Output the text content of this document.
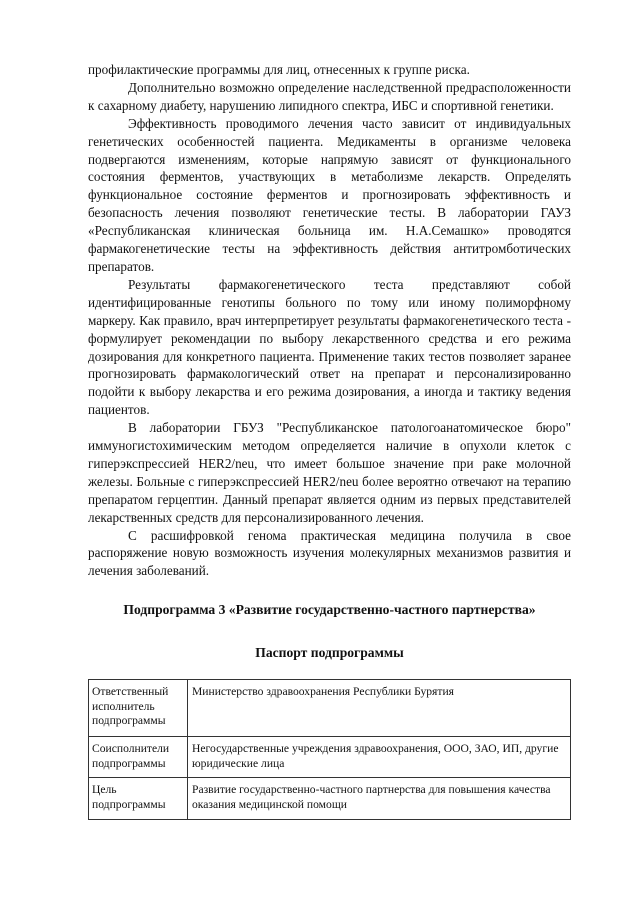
профилактические программы для лиц, отнесенных к группе риска.

Дополнительно возможно определение наследственной предрасположенности к сахарному диабету, нарушению липидного спектра, ИБС и спортивной генетики.

Эффективность проводимого лечения часто зависит от индивидуальных генетических особенностей пациента. Медикаменты в организме человека подвергаются изменениям, которые напрямую зависят от функционального состояния ферментов, участвующих в метаболизме лекарств. Определять функциональное состояние ферментов и прогнозировать эффективность и безопасность лечения позволяют генетические тесты. В лаборатории ГАУЗ «Республиканская клиническая больница им. Н.А.Семашко» проводятся фармакогенетические тесты на эффективность действия антитромботических препаратов.

Результаты фармакогенетического теста представляют собой идентифицированные генотипы больного по тому или иному полиморфному маркеру. Как правило, врач интерпретирует результаты фармакогенетического теста - формулирует рекомендации по выбору лекарственного средства и его режима дозирования для конкретного пациента. Применение таких тестов позволяет заранее прогнозировать фармакологический ответ на препарат и персонализированно подойти к выбору лекарства и его режима дозирования, а иногда и тактику ведения пациентов.

В лаборатории ГБУЗ "Республиканское патологоанатомическое бюро" иммуногистохимическим методом определяется наличие в опухоли клеток с гиперэкспрессией HER2/neu, что имеет большое значение при раке молочной железы. Больные с гиперэкспрессией HER2/neu более вероятно отвечают на терапию препаратом герцептин. Данный препарат является одним из первых представителей лекарственных средств для персонализированного лечения.

С расшифровкой генома практическая медицина получила в свое распоряжение новую возможность изучения молекулярных механизмов развития и лечения заболеваний.

Подпрограмма 3 «Развитие государственно-частного партнерства»

Паспорт подпрограммы

Ответственный исполнитель подпрограммы	Министерство здравоохранения Республики Бурятия
Соисполнители подпрограммы	Негосударственные учреждения здравоохранения, ООО, ЗАО, ИП, другие юридические лица
Цель подпрограммы	Развитие государственно-частного партнерства для повышения качества оказания медицинской помощи
